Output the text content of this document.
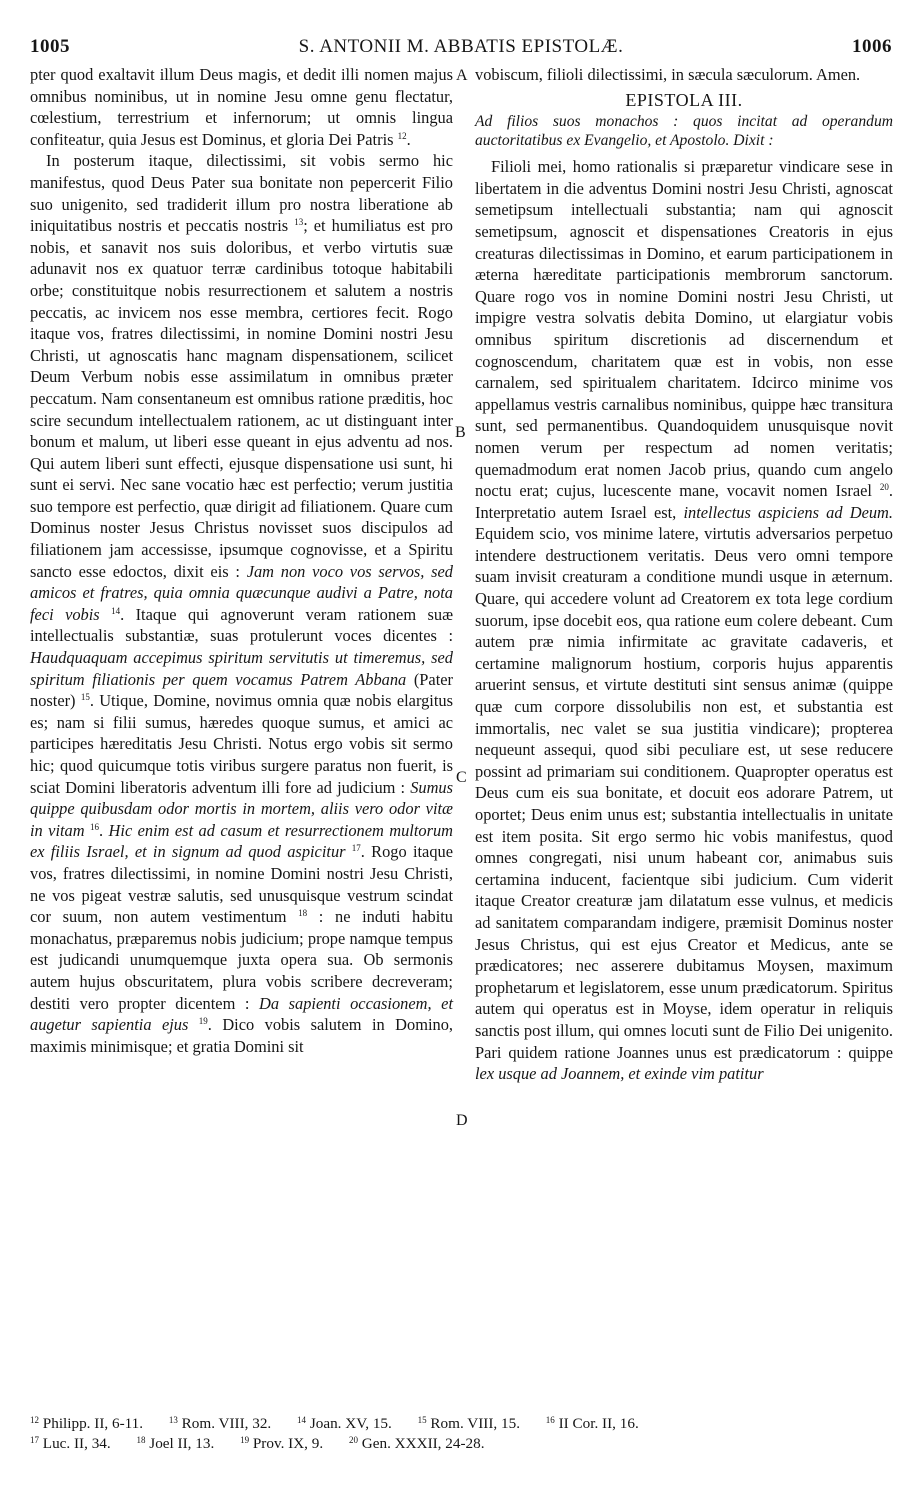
1005	S. ANTONII M. ABBATIS EPISTOLÆ.	1006
A
B
C
D

pter quod exaltavit illum Deus magis, et dedit illi nomen majus omnibus nominibus, ut in nomine Jesu omne genu flectatur, cœlestium, terrestrium et infernorum; ut omnis lingua confiteatur, quia Jesus est Dominus, et gloria Dei Patris $^{12}$.

In posterum itaque, dilectissimi, sit vobis sermo hic manifestus, quod Deus Pater sua bonitate non pepercerit Filio suo unigenito, sed tradiderit illum pro nostra liberatione ab iniquitatibus nostris et peccatis nostris $^{13}$; et humiliatus est pro nobis, et sanavit nos suis doloribus, et verbo virtutis suæ adunavit nos ex quatuor terræ cardinibus totoque habitabili orbe; constituitque nobis resurrectionem et salutem a nostris peccatis, ac invicem nos esse membra, certiores fecit. Rogo itaque vos, fratres dilectissimi, in nomine Domini nostri Jesu Christi, ut agnoscatis hanc magnam dispensationem, scilicet Deum Verbum nobis esse assimilatum in omnibus præter peccatum. Nam consentaneum est omnibus ratione præditis, hoc scire secundum intellectualem rationem, ac ut distinguant inter bonum et malum, ut liberi esse queant in ejus adventu ad nos. Qui autem liberi sunt effecti, ejusque dispensatione usi sunt, hi sunt ei servi. Nec sane vocatio hæc est perfectio; verum justitia suo tempore est perfectio, quæ dirigit ad filiationem. Quare cum Dominus noster Jesus Christus novisset suos discipulos ad filiationem jam accessisse, ipsumque cognovisse, et a Spiritu sancto esse edoctos, dixit eis : Jam non voco vos servos, sed amicos et fratres, quia omnia quæcunque audivi a Patre, nota feci vobis $^{14}$. Itaque qui agnoverunt veram rationem suæ intellectualis substantiæ, suas protulerunt voces dicentes : Haudquaquam accepimus spiritum servitutis ut timeremus, sed spiritum filiationis per quem vocamus Patrem Abbana (Pater noster) $^{15}$. Utique, Domine, novimus omnia quæ nobis elargitus es; nam si filii sumus, hæredes quoque sumus, et amici ac participes hæreditatis Jesu Christi. Notus ergo vobis sit sermo hic; quod quicumque totis viribus surgere paratus non fuerit, is sciat Domini liberatoris adventum illi fore ad judicium : Sumus quippe quibusdam odor mortis in mortem, aliis vero odor vitæ in vitam $^{16}$. Hic enim est ad casum et resurrectionem multorum ex filiis Israel, et in signum ad quod aspicitur $^{17}$. Rogo itaque vos, fratres dilectissimi, in nomine Domini nostri Jesu Christi, ne vos pigeat vestræ salutis, sed unusquisque vestrum scindat cor suum, non autem vestimentum $^{18}$ : ne induti habitu monachatus, præparemus nobis judicium; prope namque tempus est judicandi unumquemque juxta opera sua. Ob sermonis autem hujus obscuritatem, plura vobis scribere decreveram; destiti vero propter dicentem : Da sapienti occasionem, et augetur sapientia ejus $^{19}$. Dico vobis salutem in Domino, maximis minimisque; et gratia Domini sit

vobiscum, filioli dilectissimi, in sæcula sæculorum. Amen.

EPISTOLA III.
Ad filios suos monachos : quos incitat ad operandum auctoritatibus ex Evangelio, et Apostolo. Dixit :

Filioli mei, homo rationalis si præparetur vindicare sese in libertatem in die adventus Domini nostri Jesu Christi, agnoscat semetipsum intellectuali substantia; nam qui agnoscit semetipsum, agnoscit et dispensationes Creatoris in ejus creaturas dilectissimas in Domino, et earum participationem in æterna hæreditate participationis membrorum sanctorum. Quare rogo vos in nomine Domini nostri Jesu Christi, ut impigre vestra solvatis debita Domino, ut elargiatur vobis omnibus spiritum discretionis ad discernendum et cognoscendum, charitatem quæ est in vobis, non esse carnalem, sed spiritualem charitatem. Idcirco minime vos appellamus vestris carnalibus nominibus, quippe hæc transitura sunt, sed permanentibus. Quandoquidem unusquisque novit nomen verum per respectum ad nomen veritatis; quemadmodum erat nomen Jacob prius, quando cum angelo noctu erat; cujus, lucescente mane, vocavit nomen Israel $^{20}$. Interpretatio autem Israel est, intellectus aspiciens ad Deum. Equidem scio, vos minime latere, virtutis adversarios perpetuo intendere destructionem veritatis. Deus vero omni tempore suam invisit creaturam a conditione mundi usque in æternum. Quare, qui accedere volunt ad Creatorem ex tota lege cordium suorum, ipse docebit eos, qua ratione eum colere debeant. Cum autem præ nimia infirmitate ac gravitate cadaveris, et certamine malignorum hostium, corporis hujus apparentis aruerint sensus, et virtute destituti sint sensus animæ (quippe quæ cum corpore dissolubilis non est, et substantia est immortalis, nec valet se sua justitia vindicare); propterea nequeunt assequi, quod sibi peculiare est, ut sese reducere possint ad primariam sui conditionem. Quapropter operatus est Deus cum eis sua bonitate, et docuit eos adorare Patrem, ut oportet; Deus enim unus est; substantia intellectualis in unitate est item posita. Sit ergo sermo hic vobis manifestus, quod omnes congregati, nisi unum habeant cor, animabus suis certamina inducent, facientque sibi judicium. Cum viderit itaque Creator creaturæ jam dilatatum esse vulnus, et medicis ad sanitatem comparandam indigere, præmisit Dominus noster Jesus Christus, qui est ejus Creator et Medicus, ante se prædicatores; nec asserere dubitamus Moysen, maximum prophetarum et legislatorem, esse unum prædicatorum. Spiritus autem qui operatus est in Moyse, idem operatur in reliquis sanctis post illum, qui omnes locuti sunt de Filio Dei unigenito. Pari quidem ratione Joannes unus est prædicatorum : quippe lex usque ad Joannem, et exinde vim patitur

$^{12}$ Philipp. II, 6-11.	$^{13}$ Rom. VIII, 32.	$^{14}$ Joan. XV, 15.	$^{15}$ Rom. VIII, 15.	$^{16}$ II Cor. II, 16.
$^{17}$ Luc. II, 34.	$^{18}$ Joel II, 13.	$^{19}$ Prov. IX, 9.	$^{20}$ Gen. XXXII, 24-28.
